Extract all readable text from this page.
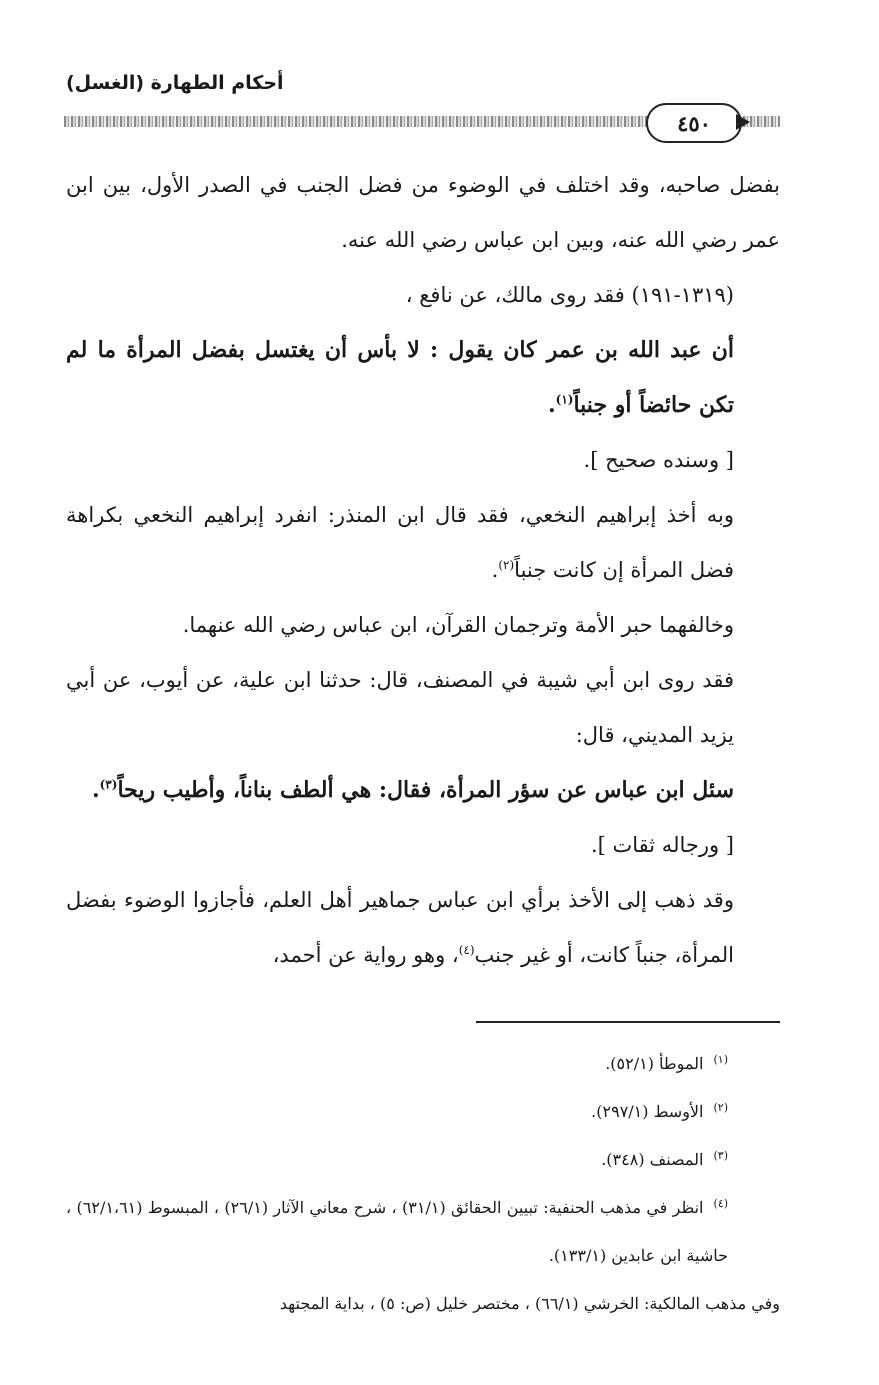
أحكام الطهارة (الغسل)
٤٥٠

بفضل صاحبه، وقد اختلف في الوضوء من فضل الجنب في الصدر الأول، بين ابن عمر رضي الله عنه، وبين ابن عباس رضي الله عنه.

(١٣١٩-١٩١) فقد روى مالك، عن نافع ،

أن عبد الله بن عمر كان يقول : لا بأس أن يغتسل بفضل المرأة ما لم تكن حائضاً أو جنباً$^{(١)}$.

[ وسنده صحيح ].

وبه أخذ إبراهيم النخعي، فقد قال ابن المنذر: انفرد إبراهيم النخعي بكراهة فضل المرأة إن كانت جنباً$^{(٢)}$.

وخالفهما حبر الأمة وترجمان القرآن، ابن عباس رضي الله عنهما.

فقد روى ابن أبي شيبة في المصنف، قال: حدثنا ابن علية، عن أيوب، عن أبي يزيد المديني، قال:

سئل ابن عباس عن سؤر المرأة، فقال: هي ألطف بناناً، وأطيب ريحاً$^{(٣)}$.

[ ورجاله ثقات ].

وقد ذهب إلى الأخذ برأي ابن عباس جماهير أهل العلم، فأجازوا الوضوء بفضل المرأة، جنباً كانت، أو غير جنب$^{(٤)}$، وهو رواية عن أحمد،

$^{(١)}$الموطأ (٥٢/١).

$^{(٢)}$الأوسط (٢٩٧/١).

$^{(٣)}$المصنف (٣٤٨).

$^{(٤)}$انظر في مذهب الحنفية: تبيين الحقائق (٣١/١) ، شرح معاني الآثار (٢٦/١) ، المبسوط (٦٢/١،٦١) ، حاشية ابن عابدين (١٣٣/١).

وفي مذهب المالكية: الخرشي (٦٦/١) ، مختصر خليل (ص: ٥) ، بداية المجتهد
